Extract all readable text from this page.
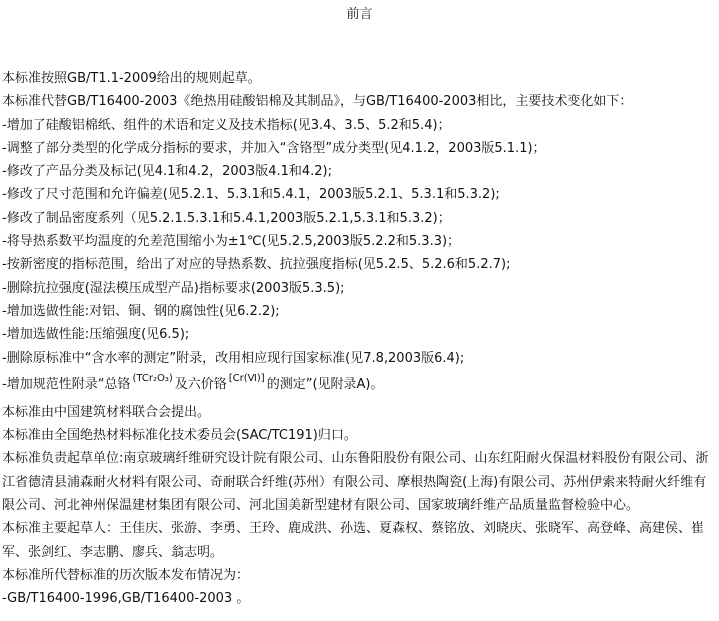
前言

本标准按照GB/T1.1-2009给出的规则起草。

本标准代替GB/T16400-2003《绝热用硅酸铝棉及其制品》，与GB/T16400-2003相比，主要技术变化如下：

-增加了硅酸铝棉纸、组件的术语和定义及技术指标(见3.4、3.5、5.2和5.4)；

-调整了部分类型的化学成分指标的要求，并加入“含铬型”成分类型(见4.1.2，2003版5.1.1)；

-修改了产品分类及标记(见4.1和4.2，2003版4.1和4.2);

-修改了尺寸范围和允许偏差(见5.2.1、5.3.1和5.4.1，2003版5.2.1、5.3.1和5.3.2);

-修改了制品密度系列（见5.2.1.5.3.1和5.4.1,2003版5.2.1,5.3.1和5.3.2)；

-将导热系数平均温度的允差范围缩小为±1℃(见5.2.5,2003版5.2.2和5.3.3)；

-按新密度的指标范围，给出了对应的导热系数、抗拉强度指标(见5.2.5、5.2.6和5.2.7);

-删除抗拉强度(湿法模压成型产品)指标要求(2003版5.3.5);

-增加选做性能:对铝、铜、钢的腐蚀性(见6.2.2);

-增加选做性能:压缩强度(见6.5);

-删除原标准中“含水率的测定”附录，改用相应现行国家标准(见7.8,2003版6.4);

-增加规范性附录“总铬 (TCr₂O₃) 及六价铬 [Cr(Ⅵ)] 的测定”(见附录A)。

本标准由中国建筑材料联合会提出。

本标准由全国绝热材料标准化技术委员会(SAC/TC191)归口。

本标准负责起草单位:南京玻璃纤维研究设计院有限公司、山东鲁阳股份有限公司、山东红阳耐火保温材料股份有限公司、浙江省德清县浦森耐火材料有限公司、奇耐联合纤维(苏州）有限公司、摩根热陶瓷(上海)有限公司、苏州伊索来特耐火纤维有限公司、河北神州保温建材集团有限公司、河北国美新型建材有限公司、国家玻璃纤维产品质量监督检验中心。

本标准主要起草人：王佳庆、张游、李勇、王玲、鹿成洪、孙选、夏森权、蔡铭放、刘晓庆、张晓军、高登峰、高建侯、崔军、张剑红、李志鹏、廖兵、翁志明。

本标准所代替标准的历次版本发布情况为：

-GB/T16400-1996,GB/T16400-2003 。
